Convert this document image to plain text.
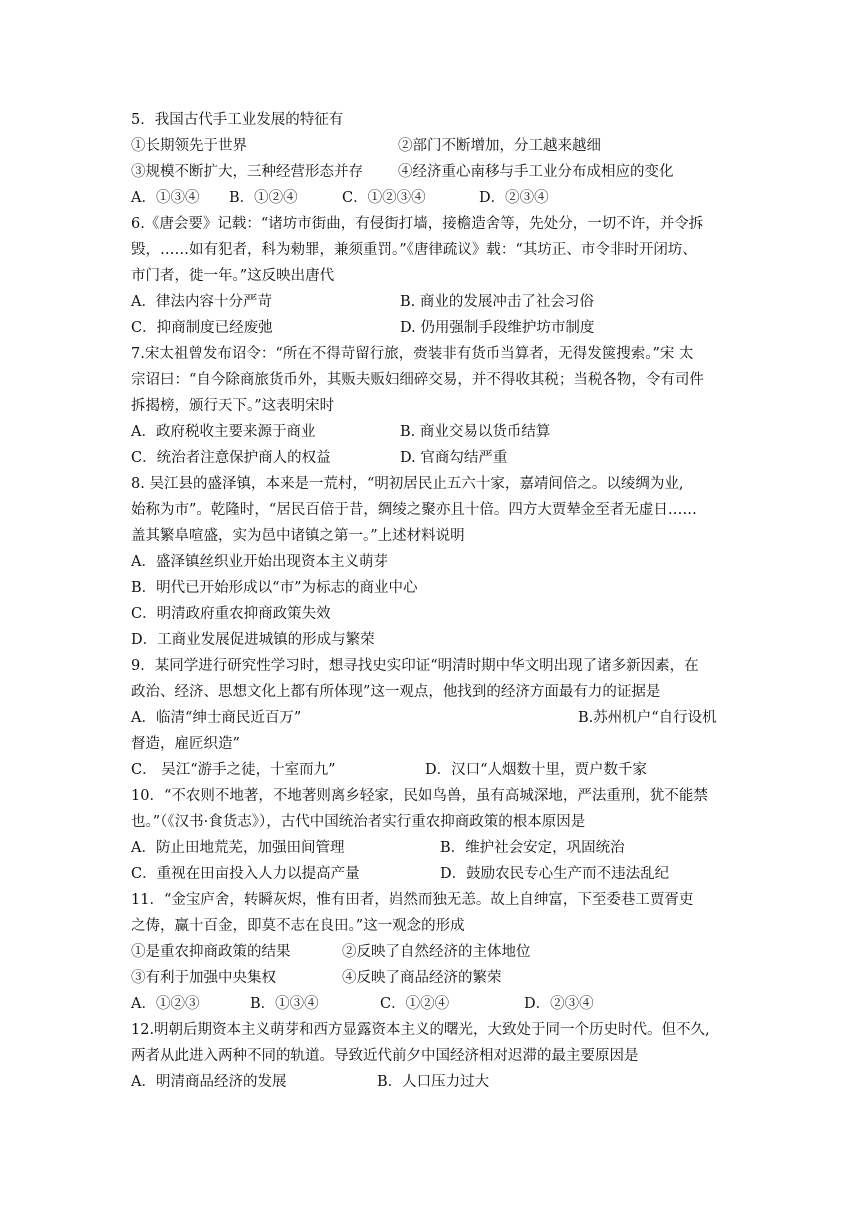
5．我国古代手工业发展的特征有
①长期领先于世界	②部门不断增加，分工越来越细
③规模不断扩大，三种经营形态并存 ④经济重心南移与手工业分布成相应的变化
A．①③④ B．①②④	C．①②③④	D．②③④
6.《唐会要》记载：“诸坊市街曲，有侵街打墙，接檐造舍等，先处分，一切不许，并令拆
毁，……如有犯者，科为勑罪，兼须重罚。”《唐律疏议》载：“其坊正、市令非时开闭坊、
市门者，徙一年。”这反映出唐代
A．律法内容十分严苛	B. 商业的发展冲击了社会习俗
C．抑商制度已经废弛	D. 仍用强制手段维护坊市制度
7.宋太祖曾发布诏令：“所在不得苛留行旅，赍装非有货币当算者，无得发箧搜索。”宋 太
宗诏曰：“自今除商旅货币外，其贩夫贩妇细碎交易，并不得收其税；当税各物，令有司件
拆揭榜，颁行天下。”这表明宋时
A．政府税收主要来源于商业	B. 商业交易以货币结算
C．统治者注意保护商人的权益	D. 官商勾结严重
8. 吴江县的盛泽镇，本来是一荒村，“明初居民止五六十家，嘉靖间倍之。以绫绸为业,
始称为市”。乾隆时，“居民百倍于昔，绸绫之聚亦且十倍。四方大贾辇金至者无虚日……
盖其繁阜喧盛，实为邑中诸镇之第一。”上述材料说明
A．盛泽镇丝织业开始出现资本主义萌芽
B．明代已开始形成以“市”为标志的商业中心
C．明清政府重农抑商政策失效
D．工商业发展促进城镇的形成与繁荣
9．某同学进行研究性学习时，想寻找史实印证“明清时期中华文明出现了诸多新因素，在
政治、经济、思想文化上都有所体现”这一观点，他找到的经济方面最有力的证据是
A．临清“绅士商民近百万”	B.苏州机户“自行设机
督造，雇匠织造”
C． 吴江“游手之徒，十室而九”	D．汉口“人烟数十里，贾户数千家
10．“不农则不地著，不地著则离乡轻家，民如鸟兽，虽有高城深地，严法重刑，犹不能禁
也。”（《汉书·食货志》），古代中国统治者实行重农抑商政策的根本原因是
A．防止田地荒芜，加强田间管理	B．维护社会安定，巩固统治
C．重视在田亩投入人力以提高产量	D．鼓励农民专心生产而不违法乱纪
11．“金宝庐舍，转瞬灰烬，惟有田者，岿然而独无恙。故上自绅富，下至委巷工贾胥吏
之俦，赢十百金，即莫不志在良田。”这一观念的形成
①是重农抑商政策的结果	②反映了自然经济的主体地位
③有利于加强中央集权	④反映了商品经济的繁荣
A．①②③	B．①③④	C．①②④	D．②③④
12.明朝后期资本主义萌芽和西方显露资本主义的曙光，大致处于同一个历史时代。但不久,
两者从此进入两种不同的轨道。导致近代前夕中国经济相对迟滞的最主要原因是
A．明清商品经济的发展	B．人口压力过大
